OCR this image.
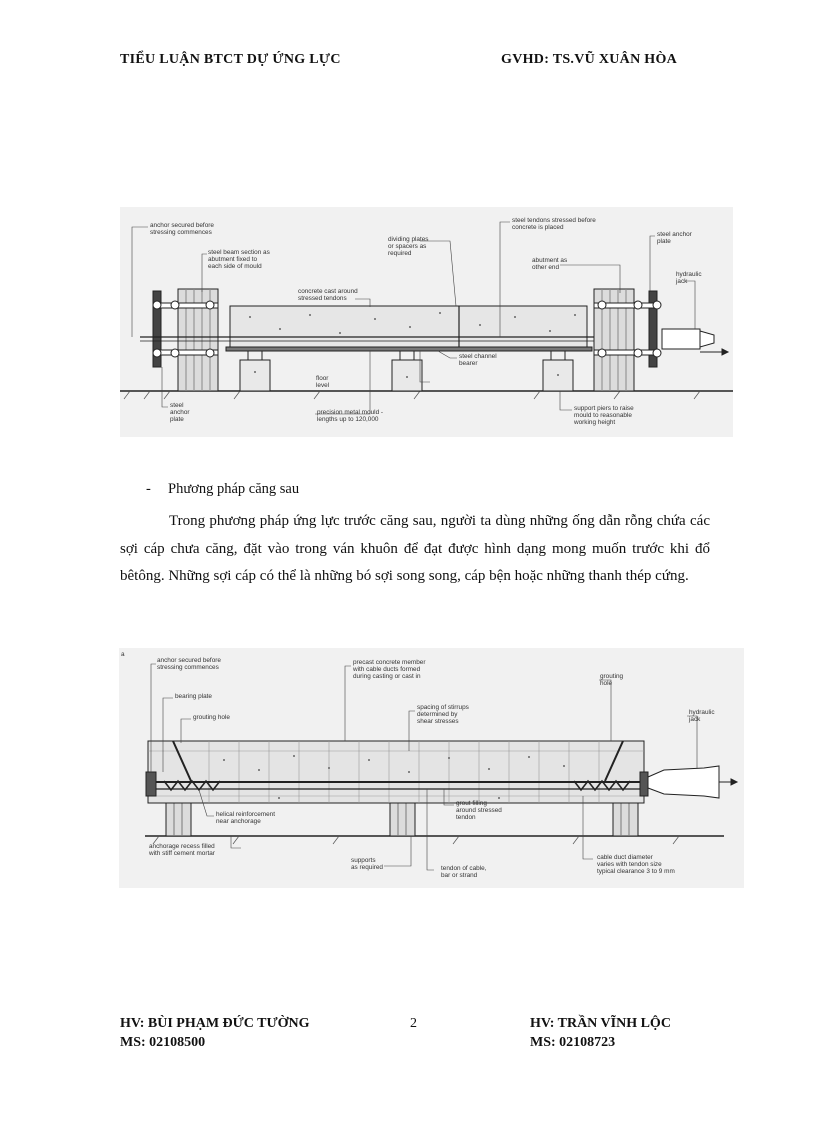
TIỂU LUẬN BTCT DỰ ỨNG LỰC	GVHD: TS.VŨ XUÂN HÒA
anchor secured before
stressing commences
steel beam section as
abutment fixed to
each side of mould
dividing plates
or spacers as
required
steel tendons stressed before
concrete is placed
steel anchor
plate
abutment as
other end
hydraulic
jack
concrete cast around
stressed tendons
floor
level
steel channel
bearer
steel
anchor
plate
precision metal mould -
lengths up to 120,000
support piers to raise
mould to reasonable
working height
- Phương pháp căng sau

Trong phương pháp ứng lực trước căng sau, người ta dùng những ống dẫn rỗng chứa các sợi cáp chưa căng, đặt vào trong ván khuôn để đạt được hình dạng mong muốn trước khi đổ bêtông. Những sợi cáp có thể là những bó sợi song song, cáp bện hoặc những thanh thép cứng.

a
anchor secured before
stressing commences
precast concrete member
with cable ducts formed
during casting or cast in
bearing plate
grouting hole
grouting
hole
spacing of stirrups
determined by
shear stresses
hydraulic
jack
helical reinforcement
near anchorage
grout filling
around stressed
tendon
anchorage recess filled
with stiff cement mortar
supports
as required	tendon of cable,
bar or strand
cable duct diameter
varies with tendon size
typical clearance 3 to 9 mm
HV: BÙI PHẠM ĐỨC TƯỜNG
MS: 02108500
2	HV: TRẦN VĨNH LỘC
MS: 02108723
